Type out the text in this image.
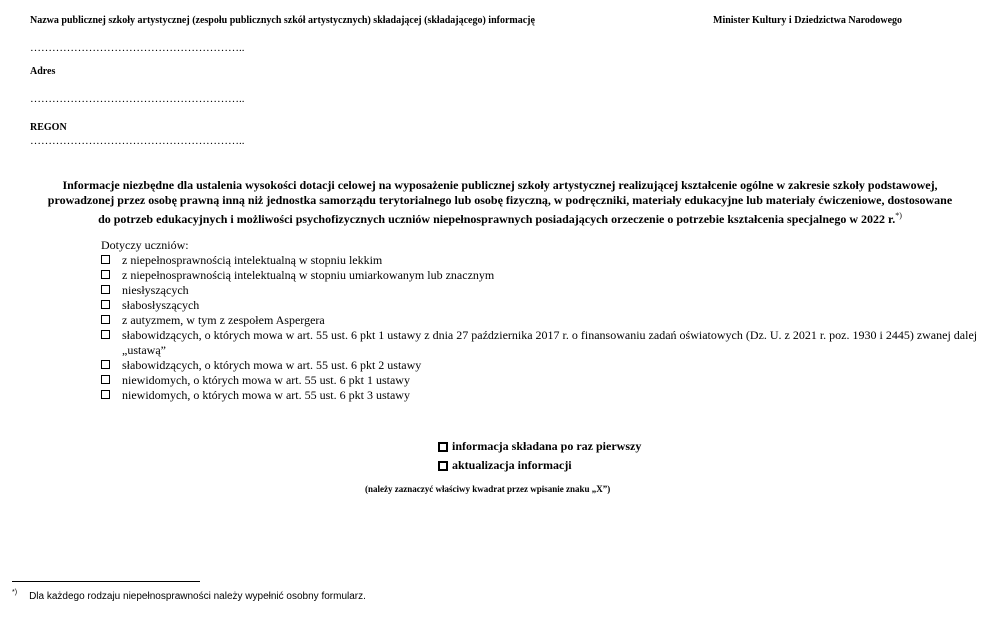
Nazwa publicznej szkoły artystycznej (zespołu publicznych szkół artystycznych) składającej (składającego) informację	Minister Kultury i Dziedzictwa Narodowego
…………………………………………………..
Adres
…………………………………………………..
REGON
…………………………………………………..
Informacje niezbędne dla ustalenia wysokości dotacji celowej na wyposażenie publicznej szkoły artystycznej realizującej kształcenie ogólne w zakresie szkoły podstawowej,
prowadzonej przez osobę prawną inną niż jednostka samorządu terytorialnego lub osobę fizyczną, w podręczniki, materiały edukacyjne lub materiały ćwiczeniowe, dostosowane
do potrzeb edukacyjnych i możliwości psychofizycznych uczniów niepełnosprawnych posiadających orzeczenie o potrzebie kształcenia specjalnego w 2022 r.*)
Dotyczy uczniów:
z niepełnosprawnością intelektualną w stopniu lekkim
z niepełnosprawnością intelektualną w stopniu umiarkowanym lub znacznym
niesłyszących
słabosłyszących
z autyzmem, w tym z zespołem Aspergera
słabowidzących, o których mowa w art. 55 ust. 6 pkt 1 ustawy z dnia 27 października 2017 r. o finansowaniu zadań oświatowych (Dz. U. z 2021 r. poz. 1930 i 2445) zwanej dalej „ustawą”
słabowidzących, o których mowa w art. 55 ust. 6 pkt 2 ustawy
niewidomych, o których mowa w art. 55 ust. 6 pkt 1 ustawy
niewidomych, o których mowa w art. 55 ust. 6 pkt 3 ustawy
informacja składana po raz pierwszy
aktualizacja informacji
(należy zaznaczyć właściwy kwadrat przez wpisanie znaku „X”)
*) Dla każdego rodzaju niepełnosprawności należy wypełnić osobny formularz.
